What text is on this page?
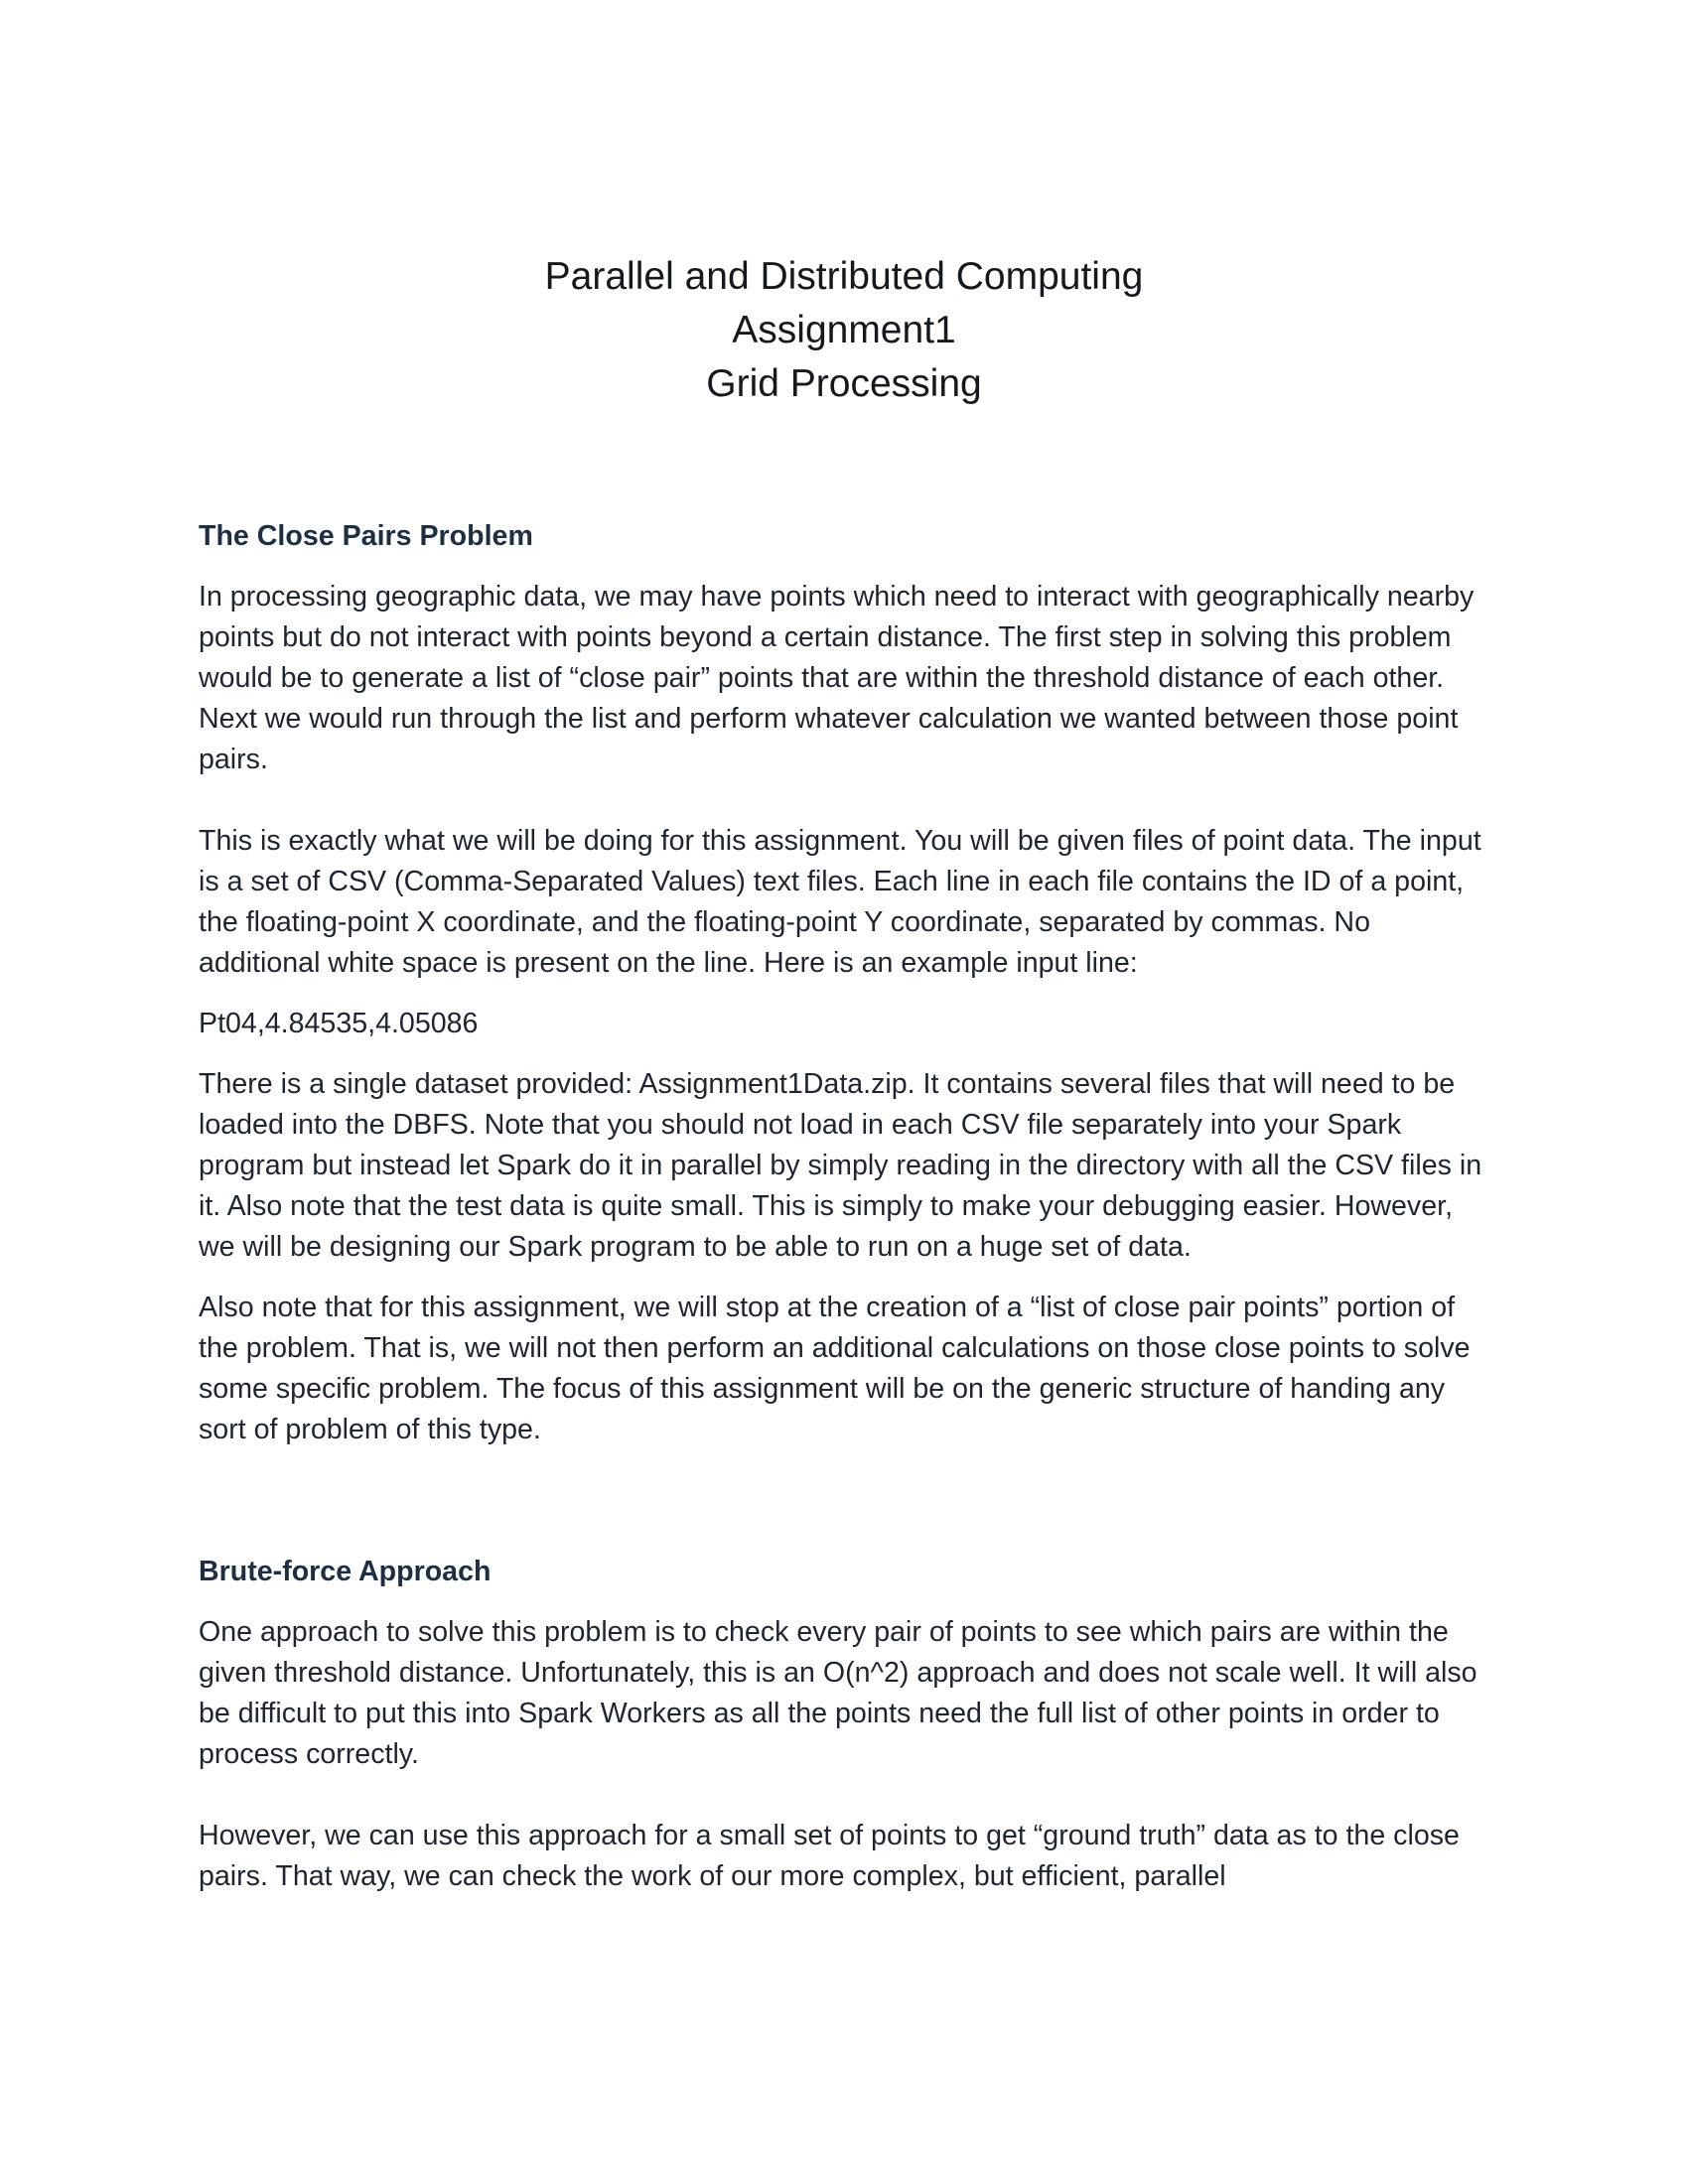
Parallel and Distributed Computing
Assignment1
Grid Processing
The Close Pairs Problem

In processing geographic data, we may have points which need to interact with geographically nearby points but do not interact with points beyond a certain distance. The first step in solving this problem would be to generate a list of “close pair” points that are within the threshold distance of each other. Next we would run through the list and perform whatever calculation we wanted between those point pairs.

This is exactly what we will be doing for this assignment. You will be given files of point data. The input is a set of CSV (Comma-Separated Values) text files. Each line in each file contains the ID of a point, the floating-point X coordinate, and the floating-point Y coordinate, separated by commas. No additional white space is present on the line. Here is an example input line:

Pt04,4.84535,4.05086

There is a single dataset provided: Assignment1Data.zip. It contains several files that will need to be loaded into the DBFS. Note that you should not load in each CSV file separately into your Spark program but instead let Spark do it in parallel by simply reading in the directory with all the CSV files in it. Also note that the test data is quite small. This is simply to make your debugging easier. However, we will be designing our Spark program to be able to run on a huge set of data.

Also note that for this assignment, we will stop at the creation of a “list of close pair points” portion of the problem. That is, we will not then perform an additional calculations on those close points to solve some specific problem. The focus of this assignment will be on the generic structure of handing any sort of problem of this type.

Brute-force Approach

One approach to solve this problem is to check every pair of points to see which pairs are within the given threshold distance. Unfortunately, this is an O(n^2) approach and does not scale well. It will also be difficult to put this into Spark Workers as all the points need the full list of other points in order to process correctly.

However, we can use this approach for a small set of points to get “ground truth” data as to the close pairs. That way, we can check the work of our more complex, but efficient, parallel
